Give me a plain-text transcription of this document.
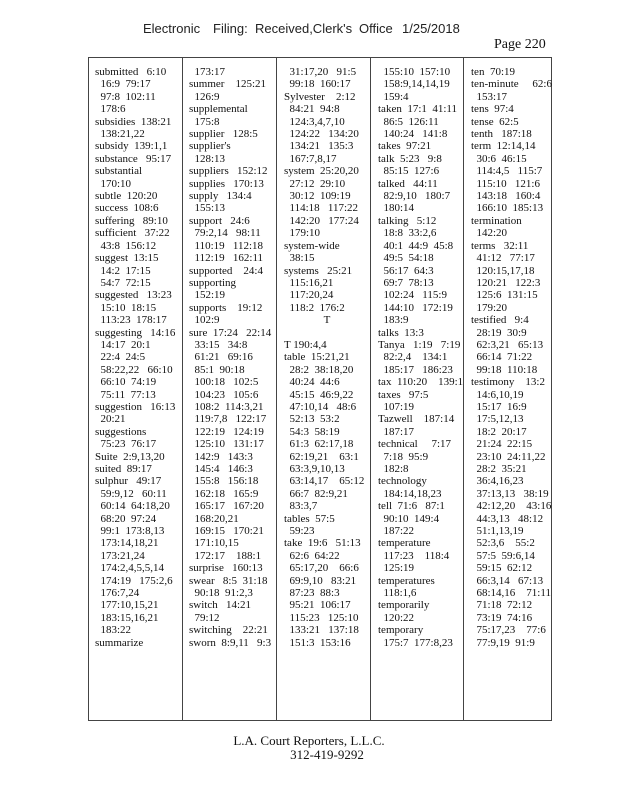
Electronic Filing: Received,Clerk's Office 1/25/2018
Page 220
submitted   6:10
16:9  79:17
97:8  102:11
178:6
subsidies  138:21
138:21,22
subsidy  139:1,1
substance   95:17
substantial
170:10
subtle  120:20
success  108:6
suffering   89:10
sufficient   37:22
43:8  156:12
suggest  13:15
14:2  17:15
54:7  72:15
suggested   13:23
15:10  18:15
113:23  178:17
suggesting   14:16
14:17  20:1
22:4  24:5
58:22,22   66:10
66:10  74:19
75:11  77:13
suggestion   16:13
20:21
suggestions
75:23  76:17
Suite  2:9,13,20
suited  89:17
sulphur   49:17
59:9,12   60:11
60:14  64:18,20
68:20  97:24
99:1  173:8,13
173:14,18,21
173:21,24
174:2,4,5,5,14
174:19   175:2,6
176:7,24
177:10,15,21
183:15,16,21
183:22
summarize
173:17
summer    125:21
126:9
supplemental
175:8
supplier   128:5
supplier's
128:13
suppliers   152:12
supplies   170:13
supply   134:4
155:13
support   24:6
79:2,14   98:11
110:19   112:18
112:19   162:11
supported    24:4
supporting
152:19
supports    19:12
102:9
sure  17:24   22:14
33:15   34:8
61:21   69:16
85:1  90:18
100:18   102:5
104:23   105:6
108:2  114:3,21
119:7,8   122:17
122:19   124:19
125:10   131:17
142:9   143:3
145:4   146:3
155:8   156:18
162:18   165:9
165:17   167:20
168:20,21
169:15   170:21
171:10,15
172:17    188:1
surprise   160:13
swear   8:5  31:18
90:18  91:2,3
switch   14:21
79:12
switching    22:21
sworn  8:9,11   9:3
31:17,20   91:5
99:18  160:17
Sylvester    2:12
84:21  94:8
124:3,4,7,10
124:22   134:20
134:21   135:3
167:7,8,17
system  25:20,20
27:12  29:10
30:12  109:19
114:18   117:22
142:20   177:24
179:10
system-wide
38:15
systems   25:21
115:16,21
117:20,24
118:2  176:2
T

T 190:4,4
table  15:21,21
28:2  38:18,20
40:24  44:6
45:15  46:9,22
47:10,14   48:6
52:13  53:2
54:3  58:19
61:3  62:17,18
62:19,21    63:1
63:3,9,10,13
63:14,17    65:12
66:7  82:9,21
83:3,7
tables  57:5
59:23
take  19:6   51:13
62:6  64:22
65:17,20    66:6
69:9,10   83:21
87:23  88:3
95:21  106:17
115:23   125:10
133:21   137:18
151:3  153:16
155:10  157:10
158:9,14,14,19
159:4
taken  17:1  41:11
86:5  126:11
140:24   141:8
takes  97:21
talk  5:23   9:8
85:15  127:6
talked   44:11
82:9,10   180:7
180:14
talking   5:12
18:8  33:2,6
40:1  44:9  45:8
49:5  54:18
56:17  64:3
69:7  78:13
102:24   115:9
144:10   172:19
183:9
talks  13:3
Tanya   1:19   7:19
82:2,4    134:1
185:17   186:23
tax  110:20    139:1
taxes   97:5
107:19
Tazwell    187:14
187:17
technical     7:17
7:18  95:9
182:8
technology
184:14,18,23
tell  71:6   87:1
90:10  149:4
187:22
temperature
117:23    118:4
125:19
temperatures
118:1,6
temporarily
120:22
temporary
175:7  177:8,23
ten  70:19
ten-minute     62:6
153:17
tens  97:4
tense  62:5
tenth   187:18
term  12:14,14
30:6  46:15
114:4,5   115:7
115:10   121:6
143:18   160:4
166:10  185:13
termination
142:20
terms   32:11
41:12   77:17
120:15,17,18
120:21   122:3
125:6  131:15
179:20
testified   9:4
28:19  30:9
62:3,21   65:13
66:14  71:22
99:18  110:18
testimony    13:2
14:6,10,19
15:17  16:9
17:5,12,13
18:2  20:17
21:24  22:15
23:10  24:11,22
28:2  35:21
36:4,16,23
37:13,13   38:19
42:12,20    43:16
44:3,13   48:12
51:1,13,19
52:3,6    55:2
57:5  59:6,14
59:15  62:12
66:3,14   67:13
68:14,16    71:11
71:18  72:12
73:19  74:16
75:17,23    77:6
77:9,19  91:9
L.A. Court Reporters, L.L.C.
312-419-9292
